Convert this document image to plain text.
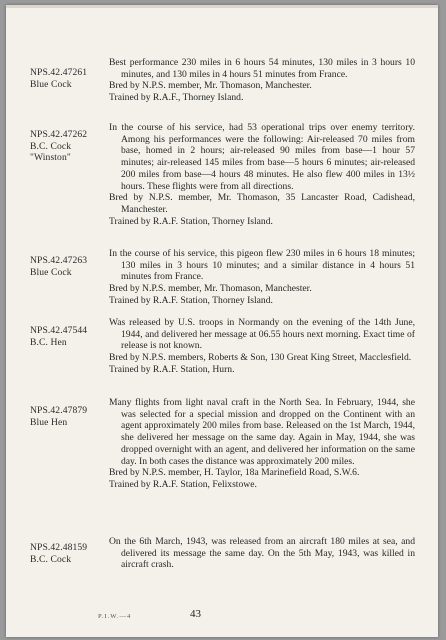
NPS.42.47261
Blue Cock

Best performance 230 miles in 6 hours 54 minutes, 130 miles in 3 hours 10 minutes, and 130 miles in 4 hours 51 minutes from France.

Bred by N.P.S. member, Mr. Thomason, Manchester.

Trained by R.A.F., Thorney Island.

NPS.42.47262
B.C. Cock
"Winston"

In the course of his service, had 53 operational trips over enemy territory. Among his performances were the following: Air-released 70 miles from base, homed in 2 hours; air-released 90 miles from base—1 hour 57 minutes; air-released 145 miles from base—5 hours 6 minutes; air-released 200 miles from base—4 hours 48 minutes. He also flew 400 miles in 13½ hours. These flights were from all directions.

Bred by N.P.S. member, Mr. Thomason, 35 Lancaster Road, Cadishead, Manchester.

Trained by R.A.F. Station, Thorney Island.

NPS.42.47263
Blue Cock

In the course of his service, this pigeon flew 230 miles in 6 hours 18 minutes; 130 miles in 3 hours 10 minutes; and a similar distance in 4 hours 51 minutes from France.

Bred by N.P.S. member, Mr. Thomason, Manchester.

Trained by R.A.F. Station, Thorney Island.

NPS.42.47544
B.C. Hen

Was released by U.S. troops in Normandy on the evening of the 14th June, 1944, and delivered her message at 06.55 hours next morning. Exact time of release is not known.

Bred by N.P.S. members, Roberts & Son, 130 Great King Street, Macclesfield.

Trained by R.A.F. Station, Hurn.

NPS.42.47879
Blue Hen

Many flights from light naval craft in the North Sea. In February, 1944, she was selected for a special mission and dropped on the Continent with an agent approximately 200 miles from base. Released on the 1st March, 1944, she delivered her message on the same day. Again in May, 1944, she was dropped overnight with an agent, and delivered her information on the same day. In both cases the distance was approximately 200 miles.

Bred by N.P.S. member, H. Taylor, 18a Marinefield Road, S.W.6.

Trained by R.A.F. Station, Felixstowe.

NPS.42.48159
B.C. Cock

On the 6th March, 1943, was released from an aircraft 180 miles at sea, and delivered its message the same day. On the 5th May, 1943, was killed in aircraft crash.

P.I.W.—4	43
